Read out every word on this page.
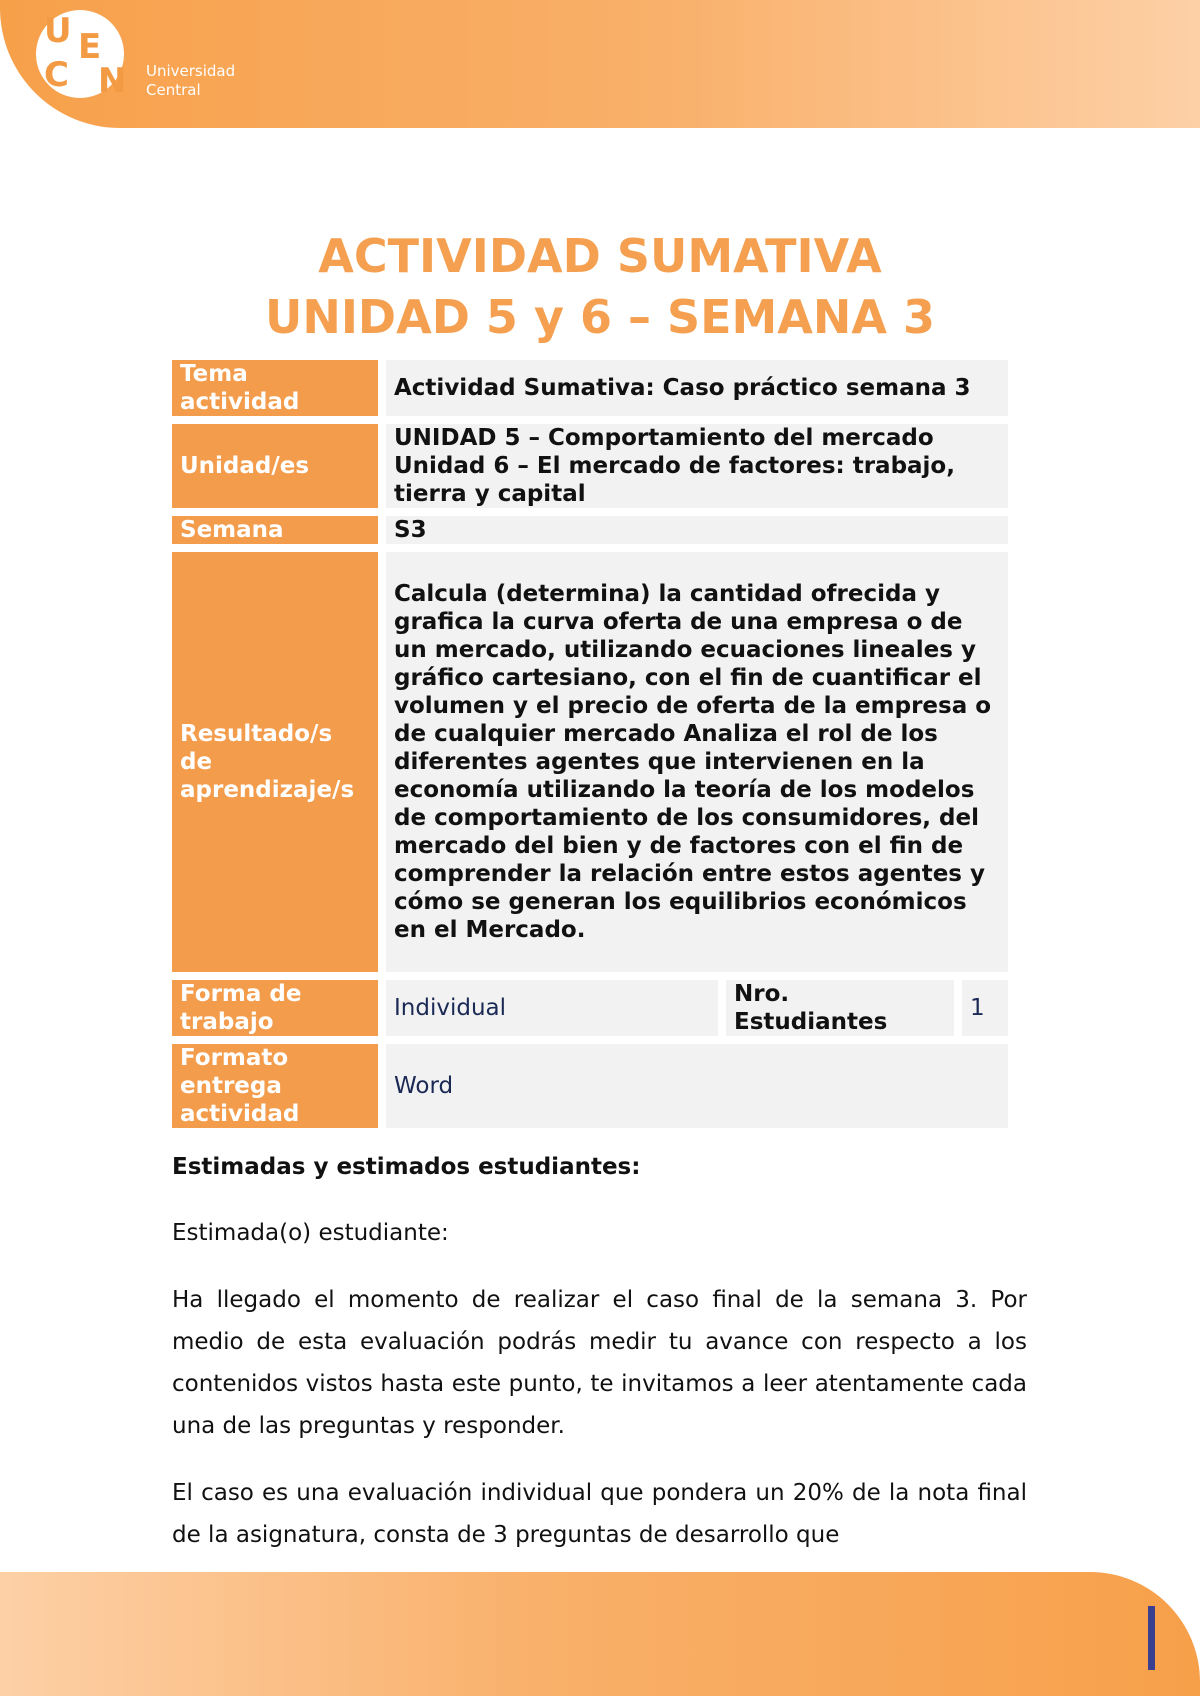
U
C
E
N Universidad
Central
ACTIVIDAD SUMATIVA
UNIDAD 5 y 6 – SEMANA 3
Tema actividad	Actividad Sumativa: Caso práctico semana 3		
Unidad/es	UNIDAD 5 – Comportamiento del mercado Unidad 6 – El mercado de factores: trabajo, tierra y capital		
Semana	S3		
Resultado/s de aprendizaje/s	Calcula (determina) la cantidad ofrecida y grafica la curva oferta de una empresa o de un mercado, utilizando ecuaciones lineales y gráfico cartesiano, con el fin de cuantificar el volumen y el precio de oferta de la empresa o de cualquier mercado Analiza el rol de los diferentes agentes que intervienen en la economía utilizando la teoría de los modelos de comportamiento de los consumidores, del mercado del bien y de factores con el fin de comprender la relación entre estos agentes y cómo se generan los equilibrios económicos en el Mercado.		
Forma de trabajo	Individual	Nro. Estudiantes	1
Formato entrega actividad	Word		
Estimadas y estimados estudiantes:
Estimada(o) estudiante:
Ha llegado el momento de realizar el caso final de la semana 3. Por medio de esta evaluación podrás medir tu avance con respecto a los contenidos vistos hasta este punto, te invitamos a leer atentamente cada una de las preguntas y responder.
El caso es una evaluación individual que pondera un 20% de la nota final de la asignatura, consta de 3 preguntas de desarrollo que
